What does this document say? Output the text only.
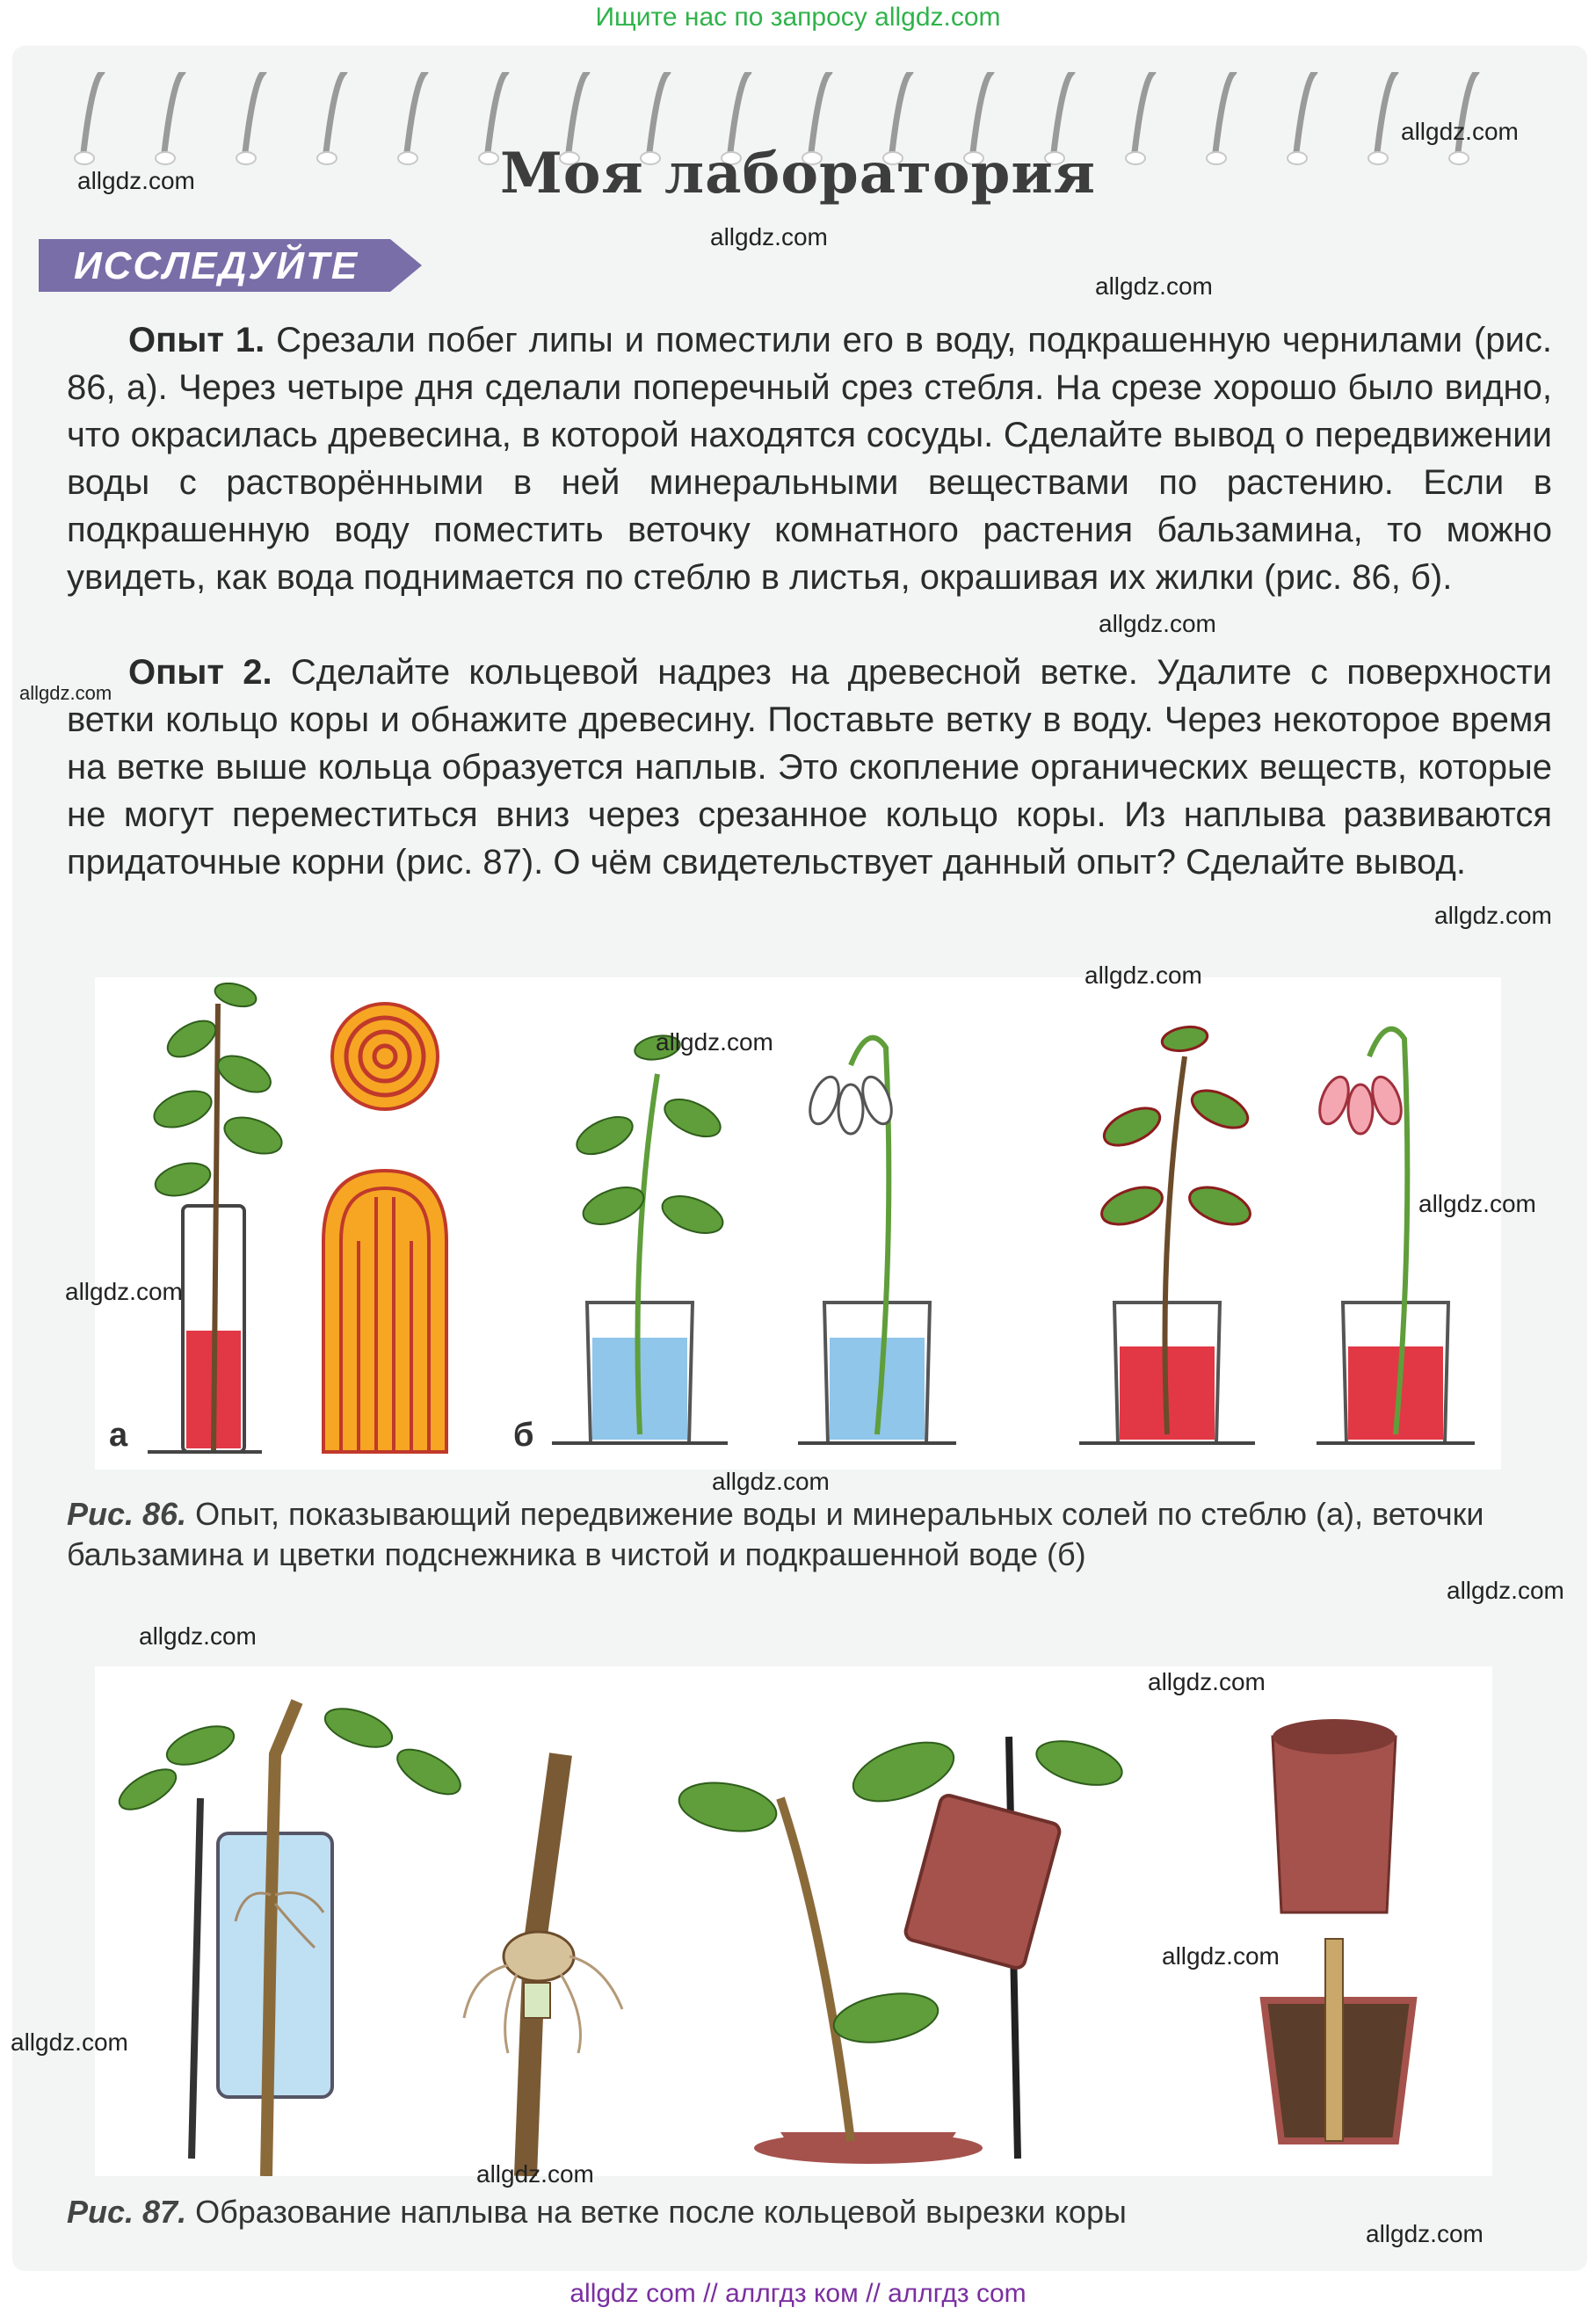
Ищите нас по запросу allgdz.com
Моя лаборатория
ИССЛЕДУЙТЕ
Опыт 1. Срезали побег липы и поместили его в воду, подкрашенную чернилами (рис. 86, а). Через четыре дня сделали поперечный срез стебля. На срезе хорошо было видно, что окрасилась древесина, в которой находятся сосуды. Сделайте вывод о передвижении воды с растворёнными в ней минеральными веществами по растению. Если в подкрашенную воду поместить веточку комнатного растения бальзамина, то можно увидеть, как вода поднимается по стеблю в листья, окрашивая их жилки (рис. 86, б).
Опыт 2. Сделайте кольцевой надрез на древесной ветке. Удалите с поверхности ветки кольцо коры и обнажите древесину. Поставьте ветку в воду. Через некоторое время на ветке выше кольца образуется наплыв. Это скопление органических веществ, которые не могут переместиться вниз через срезанное кольцо коры. Из наплыва развиваются придаточные корни (рис. 87). О чём свидетельствует данный опыт? Сделайте вывод.
а	б
Рис. 86. Опыт, показывающий передвижение воды и минеральных солей по стеблю (а), веточки бальзамина и цветки подснежника в чистой и подкрашенной воде (б)
Рис. 87. Образование наплыва на ветке после кольцевой вырезки коры
allgdz.com
allgdz.com
allgdz.com
allgdz.com
allgdz.com
allgdz.com
allgdz.com
allgdz.com
allgdz.com
allgdz.com
allgdz.com
allgdz.com
allgdz.com
allgdz.com
allgdz.com
allgdz.com
allgdz.com
allgdz.com
allgdz.com
allgdz com // аллгдз ком // аллгдз com
